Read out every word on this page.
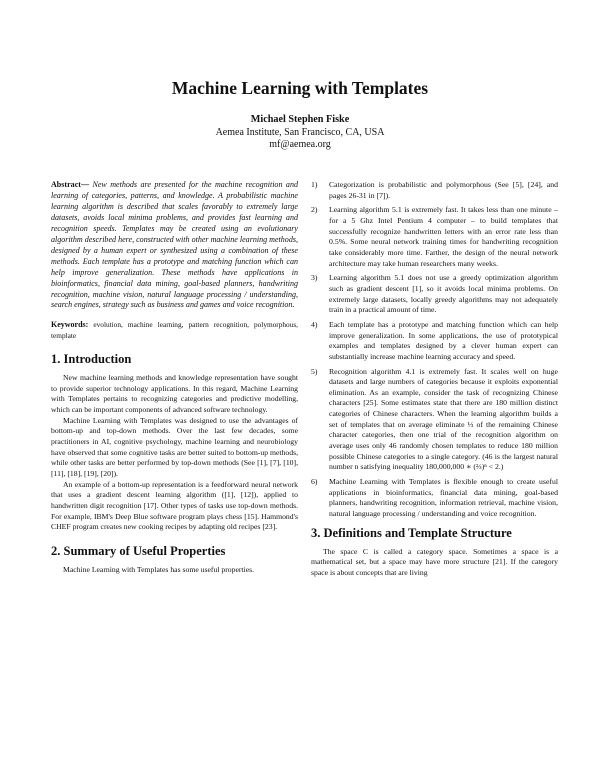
Machine Learning with Templates
Michael Stephen Fiske
Aemea Institute, San Francisco, CA, USA
mf@aemea.org

Abstract— New methods are presented for the machine recognition and learning of categories, patterns, and knowledge. A probabilistic machine learning algorithm is described that scales favorably to extremely large datasets, avoids local minima problems, and provides fast learning and recognition speeds. Templates may be created using an evolutionary algorithm described here, constructed with other machine learning methods, designed by a human expert or synthesized using a combination of these methods. Each template has a prototype and matching function which can help improve generalization. These methods have applications in bioinformatics, financial data mining, goal-based planners, handwriting recognition, machine vision, natural language processing / understanding, search engines, strategy such as business and games and voice recognition.

Keywords: evolution, machine learning, pattern recognition, polymorphous, template

1. Introduction

New machine learning methods and knowledge representation have sought to provide superior technology applications. In this regard, Machine Learning with Templates pertains to recognizing categories and predictive modelling, which can be important components of advanced software technology.

Machine Learning with Templates was designed to use the advantages of bottom-up and top-down methods. Over the last few decades, some practitioners in AI, cognitive psychology, machine learning and neurobiology have observed that some cognitive tasks are better suited to bottom-up methods, while other tasks are better performed by top-down methods (See [1], [7], [10], [11], [18], [19], [20]).

An example of a bottom-up representation is a feedforward neural network that uses a gradient descent learning algorithm ([1], [12]), applied to handwritten digit recognition [17]. Other types of tasks use top-down methods. For example, IBM's Deep Blue software program plays chess [15]. Hammond's CHEF program creates new cooking recipes by adapting old recipes [23].

2. Summary of Useful Properties

Machine Learning with Templates has some useful properties.

1) Categorization is probabilistic and polymorphous (See [5], [24], and pages 26-31 in [7]).
2) Learning algorithm 5.1 is extremely fast. It takes less than one minute – for a 5 Ghz Intel Pentium 4 computer – to build templates that successfully recognize handwritten letters with an error rate less than 0.5%. Some neural network training times for handwriting recognition take considerably more time. Farther, the design of the neural network architecture may take human researchers many weeks.
3) Learning algorithm 5.1 does not use a greedy optimization algorithm such as gradient descent [1], so it avoids local minima problems. On extremely large datasets, locally greedy algorithms may not adequately train in a practical amount of time.
4) Each template has a prototype and matching function which can help improve generalization. In some applications, the use of prototypical examples and templates designed by a clever human expert can substantially increase machine learning accuracy and speed.
5) Recognition algorithm 4.1 is extremely fast. It scales well on huge datasets and large numbers of categories because it exploits exponential elimination. As an example, consider the task of recognizing Chinese characters [25]. Some estimates state that there are 180 million distinct categories of Chinese characters. When the learning algorithm builds a set of templates that on average eliminate ⅓ of the remaining Chinese character categories, then one trial of the recognition algorithm on average uses only 46 randomly chosen templates to reduce 180 million possible Chinese categories to a single category. (46 is the largest natural number n satisfying inequality 180,000,000 ∗ (⅔)ⁿ < 2.)
6) Machine Learning with Templates is flexible enough to create useful applications in bioinformatics, financial data mining, goal-based planners, handwriting recognition, information retrieval, machine vision, natural language processing / understanding and voice recognition.
3. Definitions and Template Structure

The space C is called a category space. Sometimes a space is a mathematical set, but a space may have more structure [21]. If the category space is about concepts that are living
